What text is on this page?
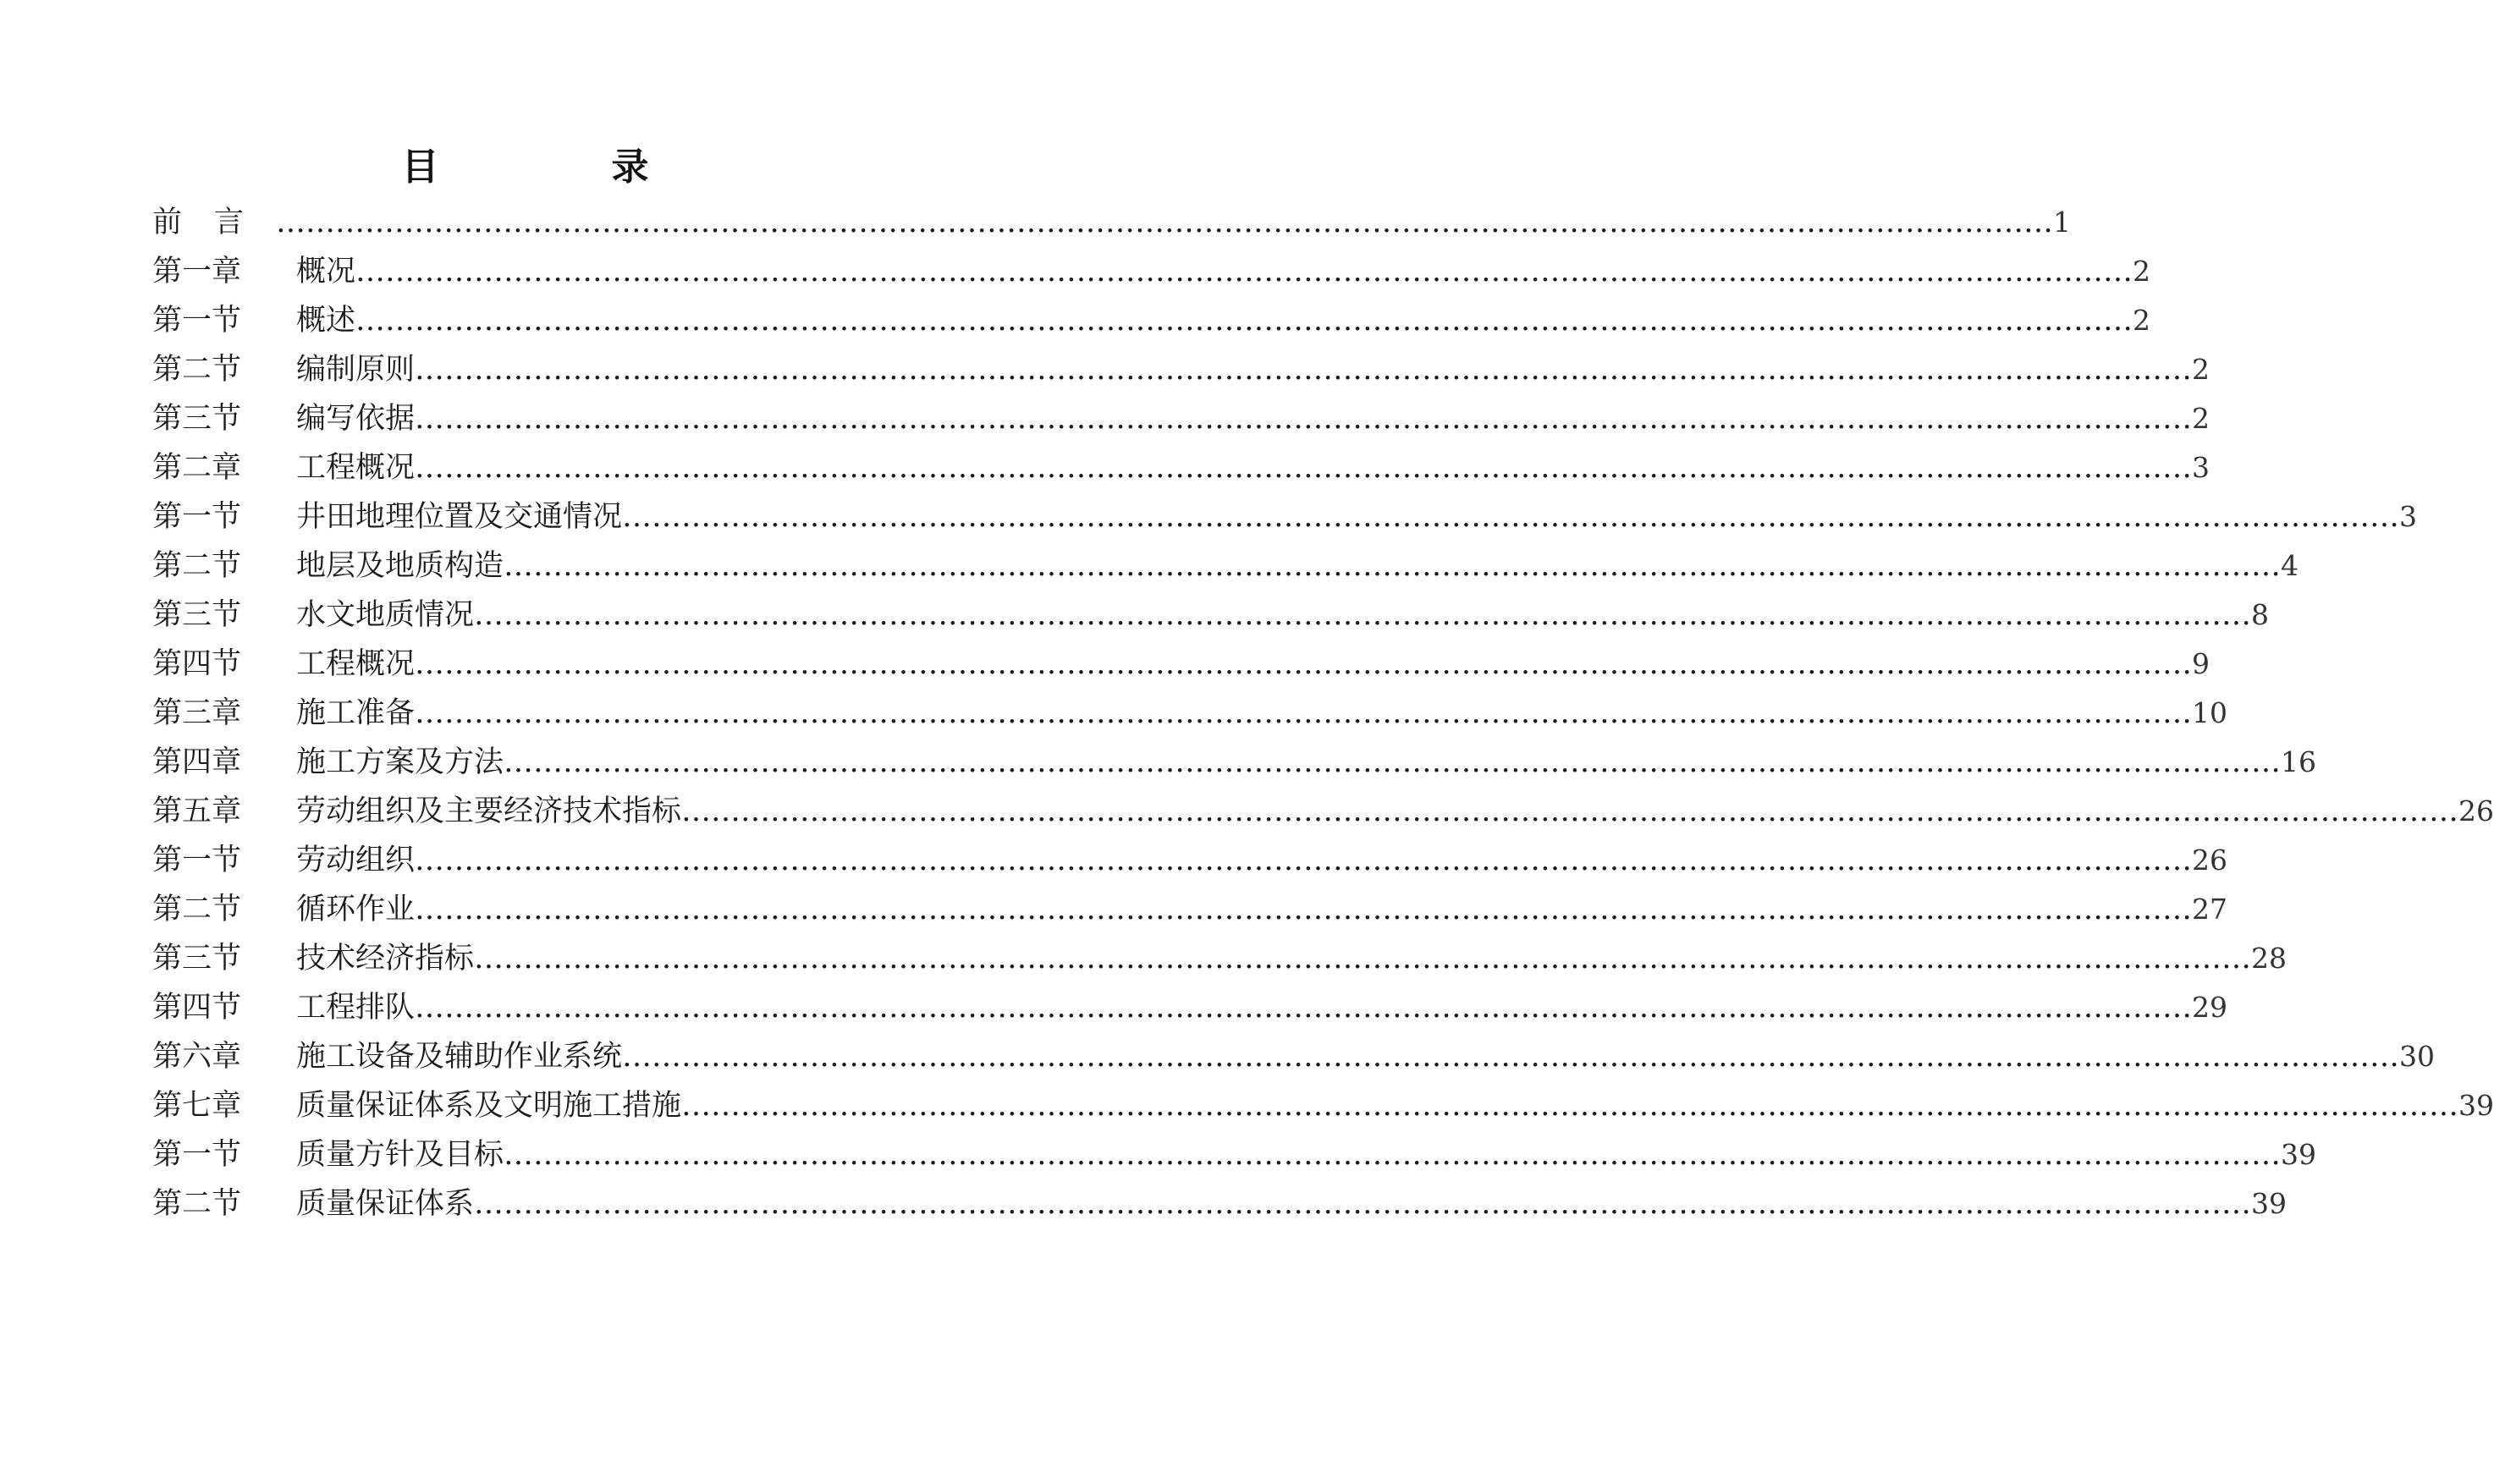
目　录
前言 ……………………………………………………………………………………………………………………………………………………………… 1
第一章	概况 ……………………………………………………………………………………………………………………………………………………………… 2
第一节	概述 ……………………………………………………………………………………………………………………………………………………………… 2
第二节	编制原则 ……………………………………………………………………………………………………………………………………………………………… 2
第三节	编写依据 ……………………………………………………………………………………………………………………………………………………………… 2
第二章	工程概况 ……………………………………………………………………………………………………………………………………………………………… 3
第一节	井田地理位置及交通情况 ……………………………………………………………………………………………………………………………………………………………… 3
第二节	地层及地质构造 ……………………………………………………………………………………………………………………………………………………………… 4
第三节	水文地质情况 ……………………………………………………………………………………………………………………………………………………………… 8
第四节	工程概况 ……………………………………………………………………………………………………………………………………………………………… 9
第三章	施工准备 ……………………………………………………………………………………………………………………………………………………………… 10
第四章	施工方案及方法 ……………………………………………………………………………………………………………………………………………………………… 16
第五章	劳动组织及主要经济技术指标 ……………………………………………………………………………………………………………………………………………………………… 26
第一节	劳动组织 ……………………………………………………………………………………………………………………………………………………………… 26
第二节	循环作业 ……………………………………………………………………………………………………………………………………………………………… 27
第三节	技术经济指标 ……………………………………………………………………………………………………………………………………………………………… 28
第四节	工程排队 ……………………………………………………………………………………………………………………………………………………………… 29
第六章	施工设备及辅助作业系统 ……………………………………………………………………………………………………………………………………………………………… 30
第七章	质量保证体系及文明施工措施 ……………………………………………………………………………………………………………………………………………………………… 39
第一节	质量方针及目标 ……………………………………………………………………………………………………………………………………………………………… 39
第二节	质量保证体系 ……………………………………………………………………………………………………………………………………………………………… 39
